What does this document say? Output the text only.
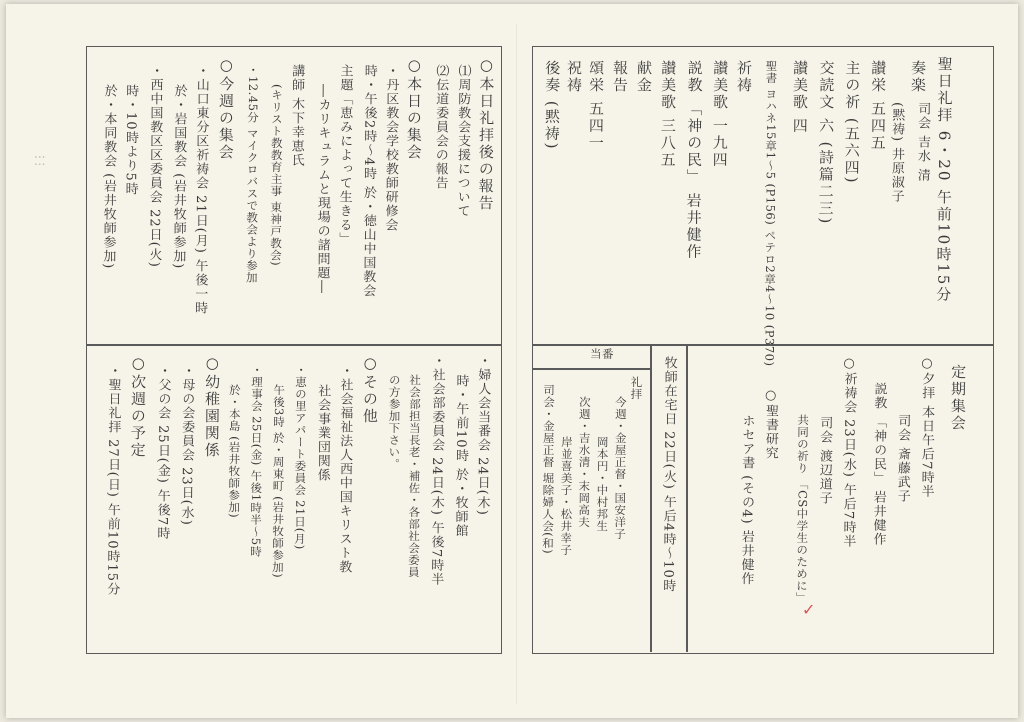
⁚⁚⁚	聖日礼拝 6・20 午前10時15分
奏楽
司会 吉水 清
(黙祷) 井原淑子
讃栄 五四五
主の祈 (五六四)
交読文 六 (詩篇二三)
讃美歌 四
聖書 ヨハネ15章1〜5 (P156) ペテロ2章4〜10 (P370)
祈祷
讃美歌 一九四
説教 「神の民」 岩井健作
讃美歌 三八五
献金
報告
頌栄 五四一
祝祷
後奏 (黙祷)
定期集会
○夕拝 本日午后7時半
司会 斎藤武子
説教 「神の民」 岩井健作
○祈祷会 23日(水) 午后7時半
司会 渡辺道子
共同の祈り 「CS中学生のために」
✓
○聖書研究
ホセア書 (その4) 岩井健作
牧師在宅日 22日(火) 午后4時〜10時
当番
礼拝
今週・金屋正督・国安洋子
岡本円・中村邦生
次週・吉水清・末岡高夫
岸並喜美子・松井幸子
司会・金屋正督 堀除婦人会(和)
○本日礼拝後の報告
⑴周防教会支援について
⑵伝道委員会の報告
○本日の集会
・丹区教会学校教師研修会
時・午後2時〜4時 於・徳山中国教会
主題「恵みによって生きる」
―カリキュラムと現場の諸問題―
講師 木下幸恵氏
(キリスト教教育主事 東神戸教会)
・12.45分 マイクロバスで教会より参加
○今週の集会
・山口東分区祈祷会 21日(月) 午後一時
於・岩国教会 (岩井牧師参加)
・西中国教区区委員会 22日(火)
時・10時より5時
於・本同教会 (岩井牧師参加)
・婦人会当番会 24日(木)
時・午前10時 於・牧師館
・社会部委員会 24日(木) 午後7時半
社会部担当長老・補佐・各部社会委員
の方参加下さい。
○その他
・社会福祉法人西中国キリスト教
社会事業団関係
・恵の里アパート委員会 21日(月)
午後3時 於・周東町 (岩井牧師参加)
・理事会 25日(金) 午後1時半〜5時
於・本島 (岩井牧師参加)
○幼稚園関係
・母の会委員会 23日(水)
・父の会 25日(金) 午後7時
○次週の予定
・聖日礼拝 27日(日) 午前10時15分
